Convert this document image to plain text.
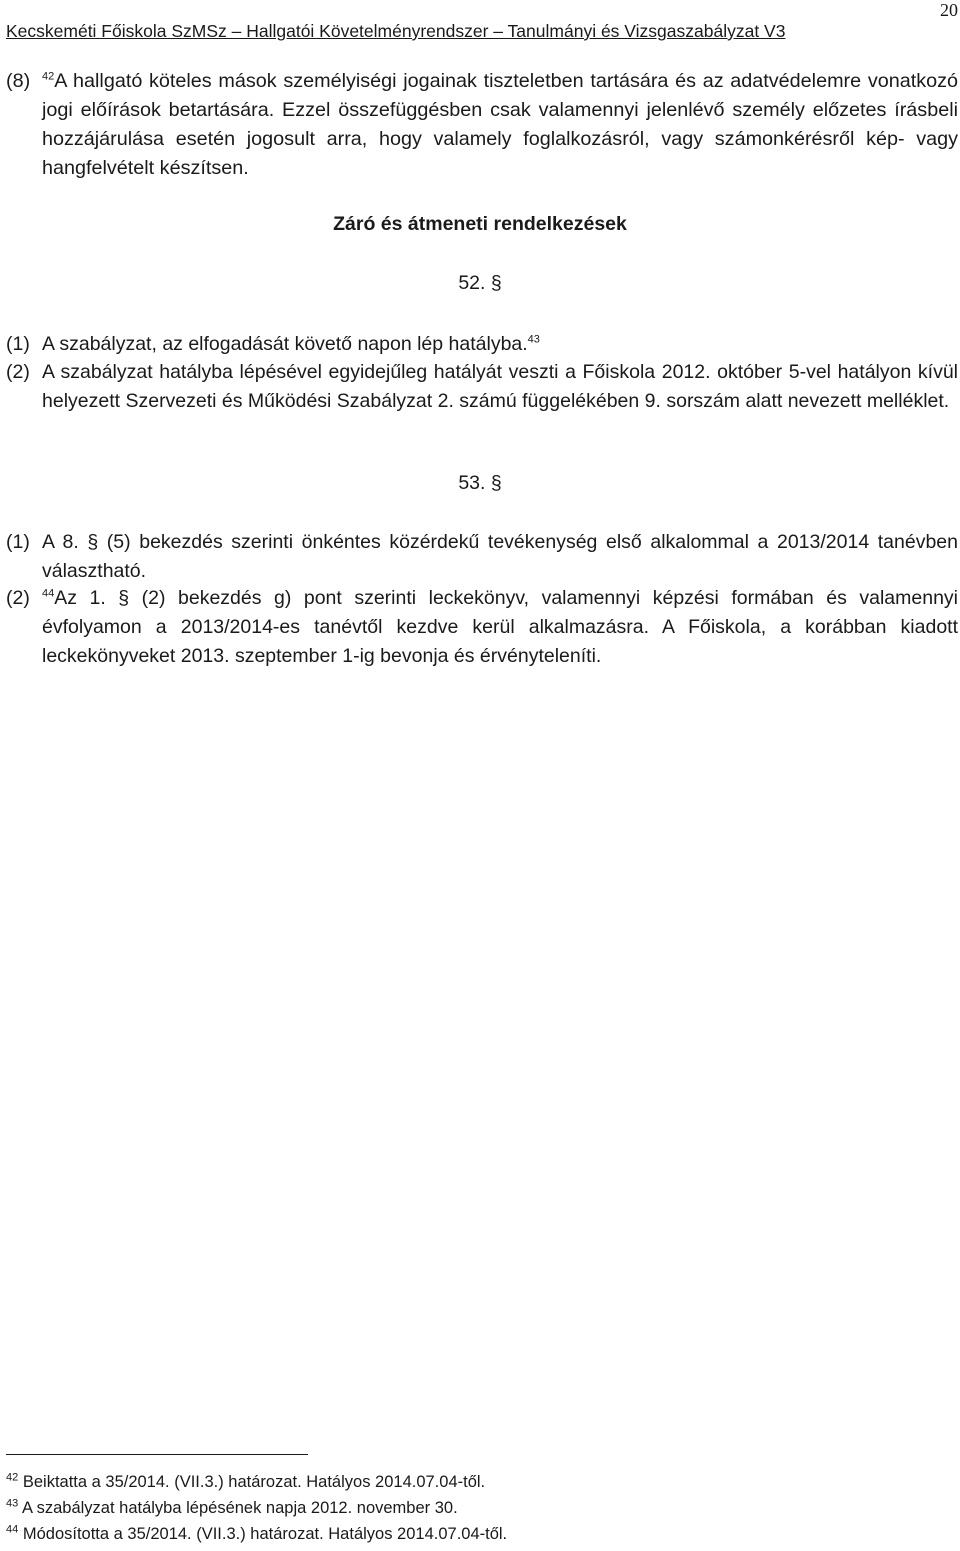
20
Kecskeméti Főiskola SzMSz – Hallgatói Követelményrendszer – Tanulmányi és Vizsgaszabályzat V3
(8)	$^{42}$A hallgató köteles mások személyiségi jogainak tiszteletben tartására és az adatvédelemre vonatkozó jogi előírások betartására. Ezzel összefüggésben csak valamennyi jelenlévő személy előzetes írásbeli hozzájárulása esetén jogosult arra, hogy valamely foglalkozásról, vagy számonkérésről kép- vagy hangfelvételt készítsen.
Záró és átmeneti rendelkezések
52. §
(1) A szabályzat, az elfogadását követő napon lép hatályba.$^{43}$
(2) A szabályzat hatályba lépésével egyidejűleg hatályát veszti a Főiskola 2012. október 5-vel hatályon kívül helyezett Szervezeti és Működési Szabályzat 2. számú függelékében 9. sorszám alatt nevezett melléklet.
53. §
(1) A 8. § (5) bekezdés szerinti önkéntes közérdekű tevékenység első alkalommal a 2013/2014 tanévben választható.
(2)	$^{44}$Az 1. § (2) bekezdés g) pont szerinti leckekönyv, valamennyi képzési formában és valamennyi évfolyamon a 2013/2014-es tanévtől kezdve kerül alkalmazásra. A Főiskola, a korábban kiadott leckekönyveket 2013. szeptember 1-ig bevonja és érvényteleníti.
$^{42}$ Beiktatta a 35/2014. (VII.3.) határozat. Hatályos 2014.07.04-től.
$^{43}$ A szabályzat hatályba lépésének napja 2012. november 30.
$^{44}$ Módosította a 35/2014. (VII.3.) határozat. Hatályos 2014.07.04-től.
